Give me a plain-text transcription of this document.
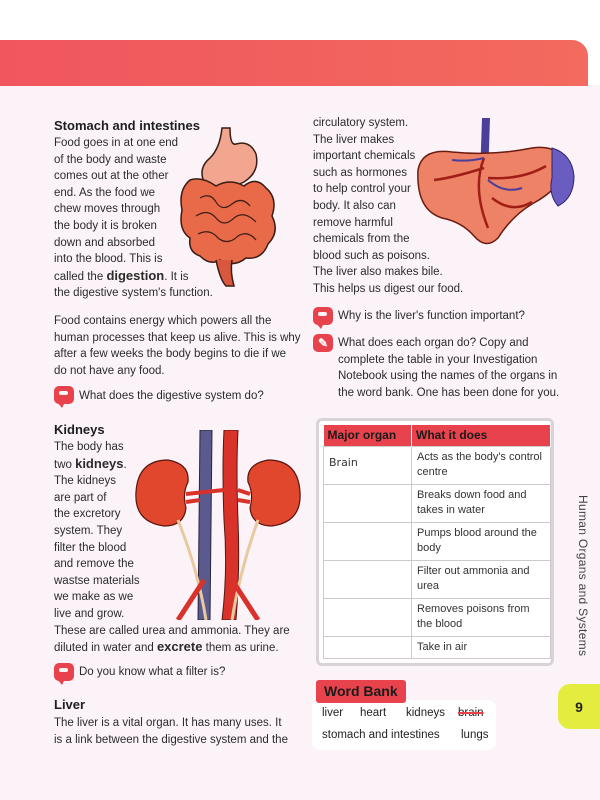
Stomach and intestines

Food goes in at one end

of the body and waste

comes out at the other

end. As the food we

chew moves through

the body it is broken

down and absorbed

into the blood. This is

called the digestion. It is

the digestive system's function.

Food contains energy which powers all the

human processes that keep us alive. This is why

after a few weeks the body begins to die if we

do not have any food.

What does the digestive system do?
Kidneys

The body has

two kidneys.

The kidneys

are part of

the excretory

system. They

filter the blood

and remove the

wastse materials

we make as we

live and grow.

These are called urea and ammonia. They are

diluted in water and excrete them as urine.

Do you know what a filter is?
Liver

The liver is a vital organ. It has many uses. It

is a link between the digestive system and the

circulatory system.

The liver makes

important chemicals

such as hormones

to help control your

body. It also can

remove harmful

chemicals from the

blood such as poisons.

The liver also makes bile.

This helps us digest our food.

Why is the liver's function important?
✎ What does each organ do? Copy and

complete the table in your Investigation

Notebook using the names of the organs in

the word bank. One has been done for you.

Major organ	What it does
Brain	Acts as the body's control
centre

	Breaks down food and
takes in water

	Pumps blood around the
body

	Filter out ammonia and
urea

	Removes poisons from
the blood

	Take in air
Word Bank
liver heart kidneys brain
stomach and intestines lungs
Human Organs and Systems
9
